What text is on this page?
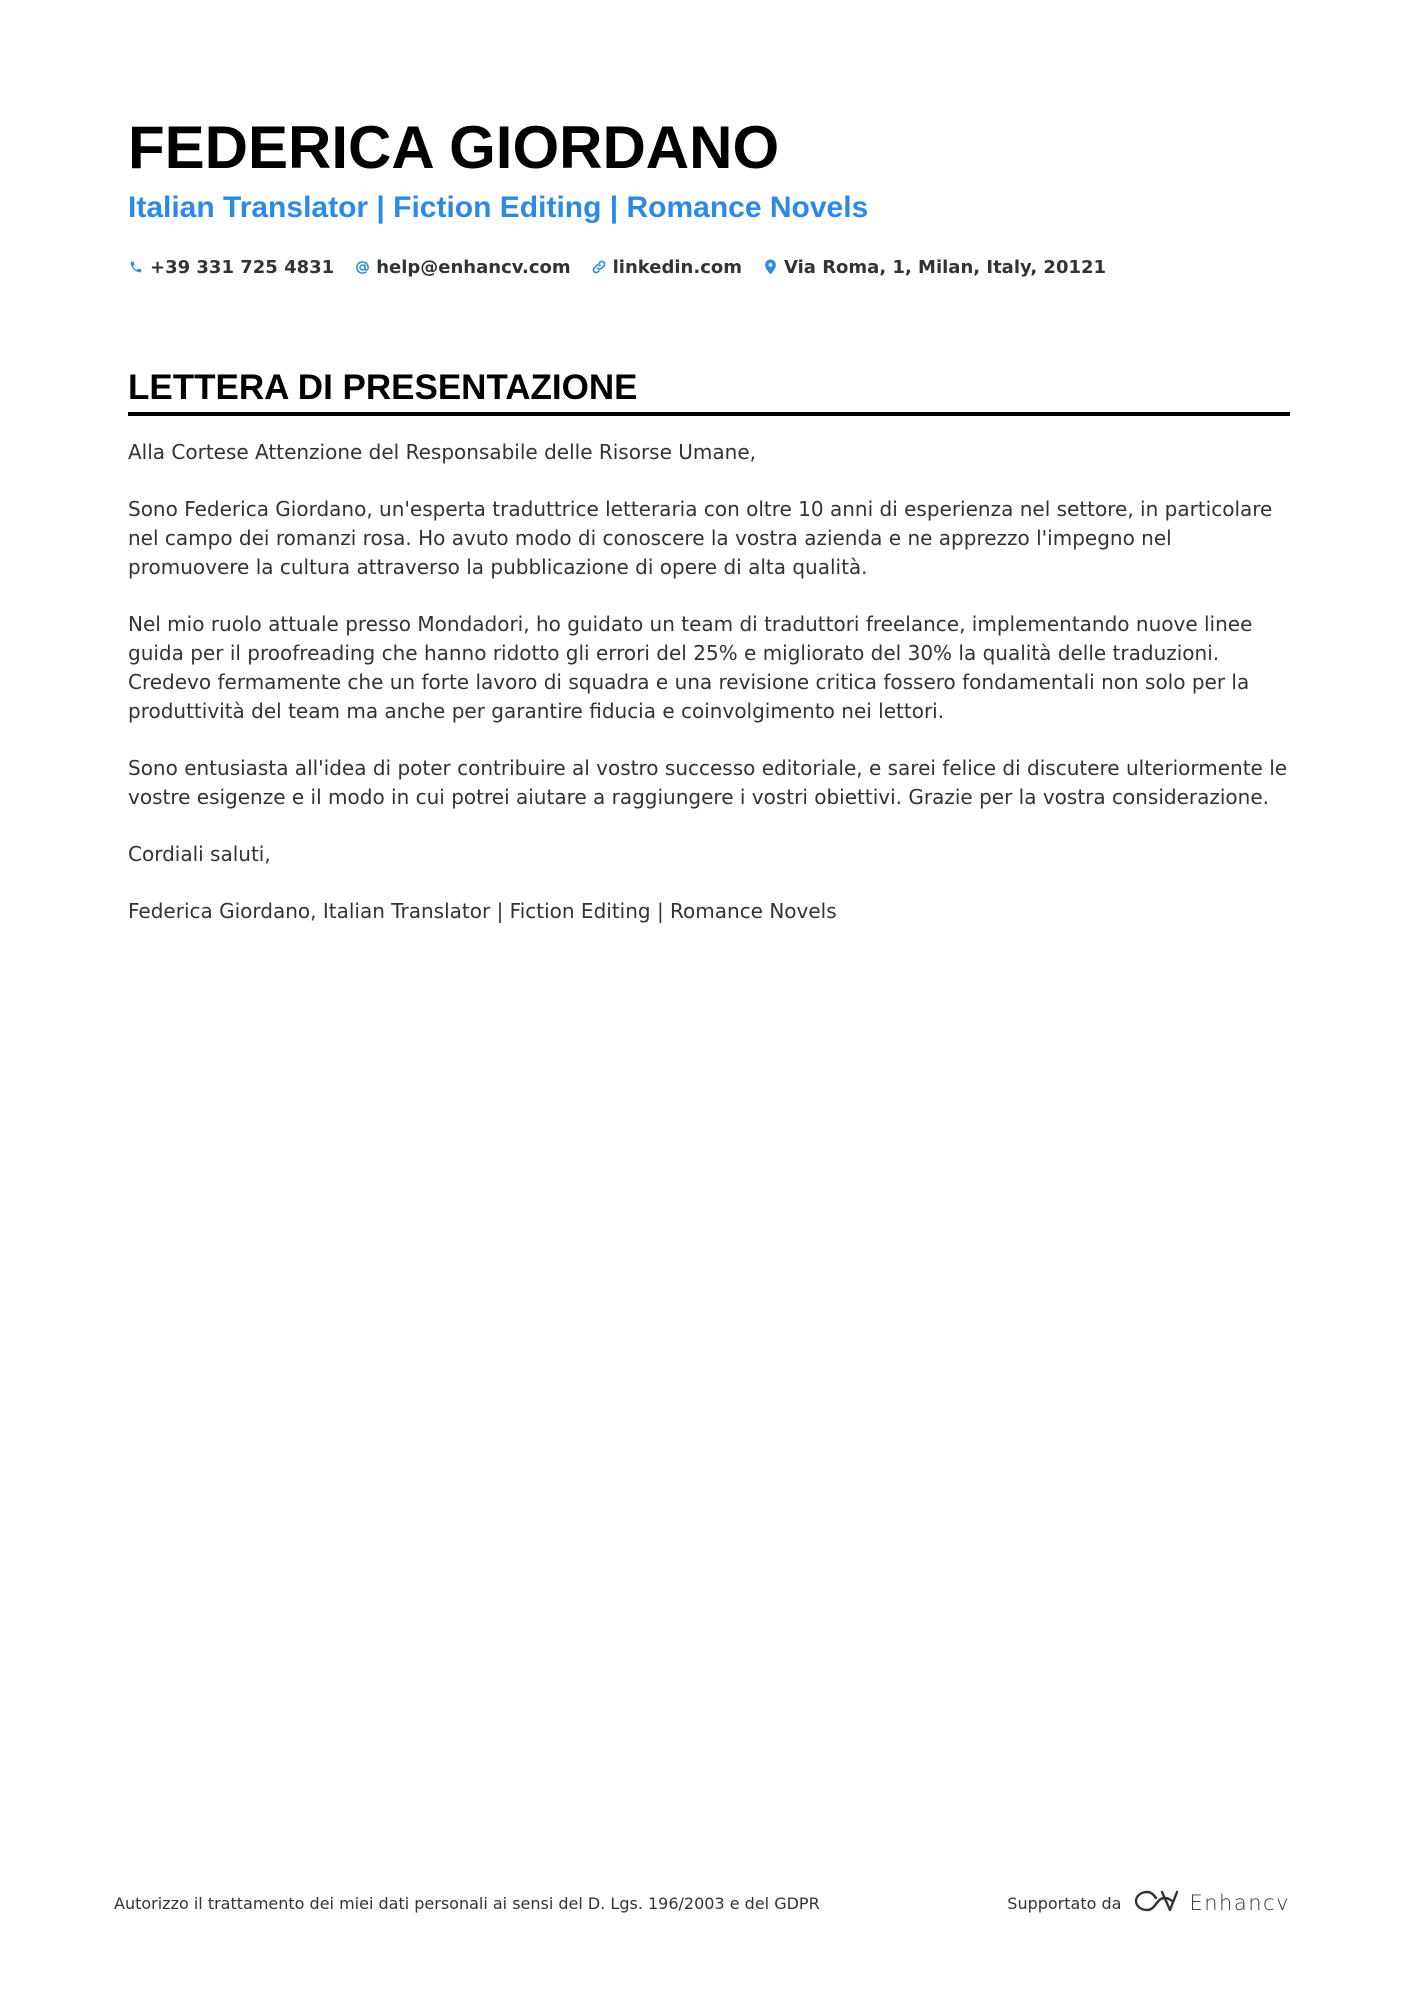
FEDERICA GIORDANO
Italian Translator | Fiction Editing | Romance Novels
+39 331 725 4831 help@enhancv.com linkedin.com Via Roma, 1, Milan, Italy, 20121
LETTERA DI PRESENTAZIONE

Alla Cortese Attenzione del Responsabile delle Risorse Umane,

Sono Federica Giordano, un'esperta traduttrice letteraria con oltre 10 anni di esperienza nel settore, in particolare nel campo dei romanzi rosa. Ho avuto modo di conoscere la vostra azienda e ne apprezzo l'impegno nel promuovere la cultura attraverso la pubblicazione di opere di alta qualità.

Nel mio ruolo attuale presso Mondadori, ho guidato un team di traduttori freelance, implementando nuove linee guida per il proofreading che hanno ridotto gli errori del 25% e migliorato del 30% la qualità delle traduzioni. Credevo fermamente che un forte lavoro di squadra e una revisione critica fossero fondamentali non solo per la produttività del team ma anche per garantire fiducia e coinvolgimento nei lettori.

Sono entusiasta all'idea di poter contribuire al vostro successo editoriale, e sarei felice di discutere ulteriormente le vostre esigenze e il modo in cui potrei aiutare a raggiungere i vostri obiettivi. Grazie per la vostra considerazione.

Cordiali saluti,

Federica Giordano, Italian Translator | Fiction Editing | Romance Novels

Autorizzo il trattamento dei miei dati personali ai sensi del D. Lgs. 196/2003 e del GDPR	Supportato da	Enhancv
